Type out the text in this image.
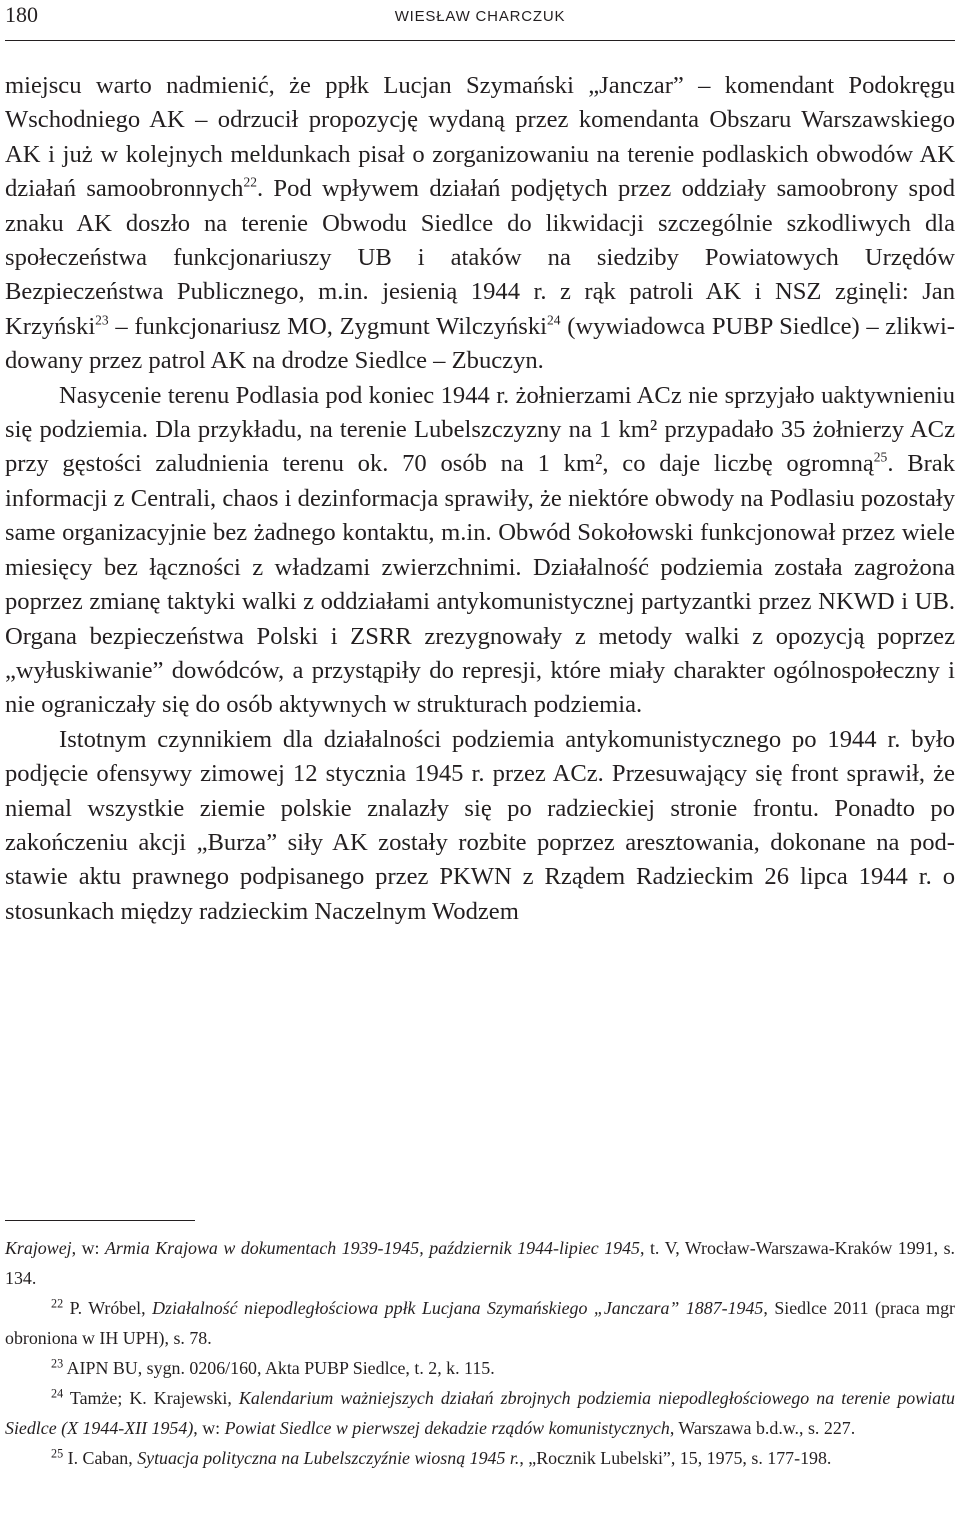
180	WIESŁAW CHARCZUK

miejscu warto nadmienić, że ppłk Lucjan Szymański „Janczar” – komendant Podokręgu Wschodniego AK – odrzucił propozycję wydaną przez komendanta Obszaru Warszawskiego AK i już w kolejnych meldunkach pisał o zorganizowaniu na terenie podlaskich obwodów AK działań samoobronnych$^{22}$. Pod wpływem działań podjętych przez oddziały samoobrony spod znaku AK doszło na terenie Obwodu Siedlce do likwidacji szczególnie szkodliwych dla społeczeństwa funkcjonariuszy UB i ataków na siedziby Powiatowych Urzędów Bezpieczeństwa Publicznego, m.in. jesienią 1944 r. z rąk patroli AK i NSZ zginęli: Jan Krzyński$^{23}$ – funkcjonariusz MO, Zygmunt Wilczyński$^{24}$ (wywiadowca PUBP Siedlce) – zlikwidowany przez patrol AK na drodze Siedlce – Zbuczyn.

Nasycenie terenu Podlasia pod koniec 1944 r. żołnierzami ACz nie sprzyjało uaktywnieniu się podziemia. Dla przykładu, na terenie Lubelszczyzny na 1 km² przypadało 35 żołnierzy ACz przy gęstości zaludnienia terenu ok. 70 osób na 1 km², co daje liczbę ogromną$^{25}$. Brak informacji z Centrali, chaos i dezinformacja sprawiły, że niektóre obwody na Podlasiu pozostały same organizacyjnie bez żadnego kontaktu, m.in. Obwód Sokołowski funkcjonował przez wiele miesięcy bez łączności z władzami zwierzchnimi. Działalność podziemia została zagrożona poprzez zmianę taktyki walki z oddziałami antykomunistycznej partyzantki przez NKWD i UB. Organa bezpieczeństwa Polski i ZSRR zrezygnowały z metody walki z opozycją poprzez „wyłuskiwanie” dowódców, a przystąpiły do represji, które miały charakter ogólnospołeczny i nie ograniczały się do osób aktywnych w strukturach podziemia.

Istotnym czynnikiem dla działalności podziemia antykomunistycznego po 1944 r. było podjęcie ofensywy zimowej 12 stycznia 1945 r. przez ACz. Przesuwający się front sprawił, że niemal wszystkie ziemie polskie znalazły się po radzieckiej stronie frontu. Ponadto po zakończeniu akcji „Burza” siły AK zostały rozbite poprzez aresztowania, dokonane na podstawie aktu prawnego podpisanego przez PKWN z Rządem Radzieckim 26 lipca 1944 r. o stosunkach między radzieckim Naczelnym Wodzem

Krajowej, w: Armia Krajowa w dokumentach 1939-1945, październik 1944-lipiec 1945, t. V, Wrocław-Warszawa-Kraków 1991, s. 134.

$^{22}$ P. Wróbel, Działalność niepodległościowa ppłk Lucjana Szymańskiego „Janczara” 1887-1945, Siedlce 2011 (praca mgr obroniona w IH UPH), s. 78.

$^{23}$ AIPN BU, sygn. 0206/160, Akta PUBP Siedlce, t. 2, k. 115.

$^{24}$ Tamże; K. Krajewski, Kalendarium ważniejszych działań zbrojnych podziemia niepodległościowego na terenie powiatu Siedlce (X 1944-XII 1954), w: Powiat Siedlce w pierwszej dekadzie rządów komunistycznych, Warszawa b.d.w., s. 227.

$^{25}$ I. Caban, Sytuacja polityczna na Lubelszczyźnie wiosną 1945 r., „Rocznik Lubelski”, 15, 1975, s. 177-198.
